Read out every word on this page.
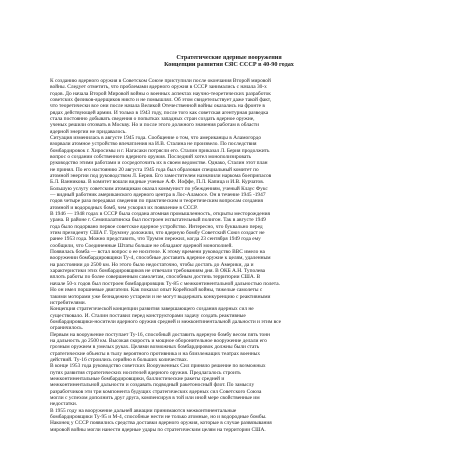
Стратегические ядерные вооружения
Концепции развития СЯС СССР в 40-90 годах

К созданию ядерного оружия в Советском Союзе приступили после окончания Второй мировой

войны. Следует отметить, что проблемами ядерного оружия в СССР занимались с начала 30-х

годов. До начала Второй Мировой войны о военных аспектах научно-теоретических разработок

советских физиков-ядерщиков никто и не помышлял. Об этом свидетельствует даже такой факт,

что теоретически все они после начала Великой Отечественной войны оказались на фронте в

рядах действующей армии. И только в 1943 году, после того как советская агентурная разведка

стала постоянно добывать сведения о попытках западных стран создать ядерное оружие,

ученых решили отозвать в Москву. Но и после этого должного значения работам в области

ядерной энергии не придавалось.

Ситуация изменилась в августе 1945 года. Сообщение о том, что американцы в Аламогордо

взорвали атомное устройство впечатления на И.В. Сталина не произвело. По последствия

бомбардировок г. Хиросимы и г. Нагасаки потрясли его. Сталин приказал Л. Берия продолжить

вопрос о создании собственного ядерного оружия. Последний хотел монополизировать

руководство этими работами и сосредоточить их в своем ведомстве. Однако, Сталин этот план

не принял. По его настоянию 20 августа 1945 года был образован специальный комитет по

атомной энергии под руководством Л. Берия. Его заместителем назначили наркома боеприпасов

Б.Л. Ванникова. В комитет вошли видные ученые А.Ф. Иоффе, П.Л. Капица и И.В. Курчатов.

Большую услугу советским атомщикам оказал коммунист по убеждениям, ученый Клаус Фукс

— видный работник американского ядерного центра в Лос-Аламосе. Он в течение 1945 -1947

годов четыре раза передавал сведения по практическим и теоретическим вопросам создания

атомной и водородных бомб, чем ускорил их появление в СССР.

В 1946 — 1948 годах в СССР была создана атомная промышленность, открыты месторождения

урана. В районе г. Семипалатинска был построен испытательный полигон. Так в августе 1949

года было подорвано первое советское ядерное устройство. Интересно, что буквально перед

этим президенту США Г. Трумэну доложили, что ядерную бомбу Советский Союз создаст не

ранее 1953 года. Можно представить, что Трумэн пережил, когда 23 сентября 1949 года ему

сообщили, что Соединенные Штаты больше не обладают ядерной монополией.

Появилась бомба — встал вопрос о ее носителе. К этому времени руководство ВВС имело на

вооружении бомбардировщики Ту-4, способные доставить ядерное оружие к целям, удаленным

на расстоянии до 2500 км. Но этого было недостаточно, чтобы достать до Америки, да и

характеристики этих бомбардировщиков не отвечали требованиям дня. В ОКБ А.Н. Туполева

вплоть работы по более совершенным самолетам, способным достичь территории США. В

начале 50-х годов был построен бомбардировщик Ту-85 с межконтинентальной дальностью полета.

Но он имел поршневые двигатели. Как показал опыт Корейской войны, тяжелые самолеты с

такими моторами уже безнадежно устарели и не могут выдержать конкуренцию с реактивными

истребителями.

Концепция стратегической концепции развития завершающего создания ядерных сил не

существовало. И. Сталин поставил перед конструкторами задачу создать реактивные

бомбардировщики-носители ядерного оружия средней и межконтинентальной дальности и этим все

ограничилось.

Первым на вооружение поступает Ту-16, способный доставить ядерную бомбу весом пять тонн

на дальность до 2500 км. Высокая скорость и мощное оборонительное вооружение делали его

грозным оружием в умелых руках. Целями возможных бомбардировок должны были стать

стратегические объекты в тылу вероятного противника и на близлежащих театрах военных

действий. Ту-16 строились серийно в больших количествах.

В конце 1953 года руководство советских Вооруженных Сил приняло решение по возможных

путях развития стратегических носителей ядерного оружия. Предлагалось строить

межконтинентальные бомбардировщики, баллистические ракеты средней и

межконтинентальной дальности и создавать подводный ракетоносный флот. По замыслу

разработчиков эти три компонента будущих стратегических ядерных сил Советского Союза

могли с успехом дополнить друг друга, компенсируя в той или иной мере свойственные им

недостатки.

В 1955 году на вооружение дальней авиации принимаются межконтинентальные

бомбардировщики Ту-95 и М-4, способные нести не только атомные, но и водородные бомбы.

Наконец у СССР появились средства доставки ядерного оружия, которые в случае развязывания

мировой войны могли нанести ядерные удары по стратегическим целям на территории США.
